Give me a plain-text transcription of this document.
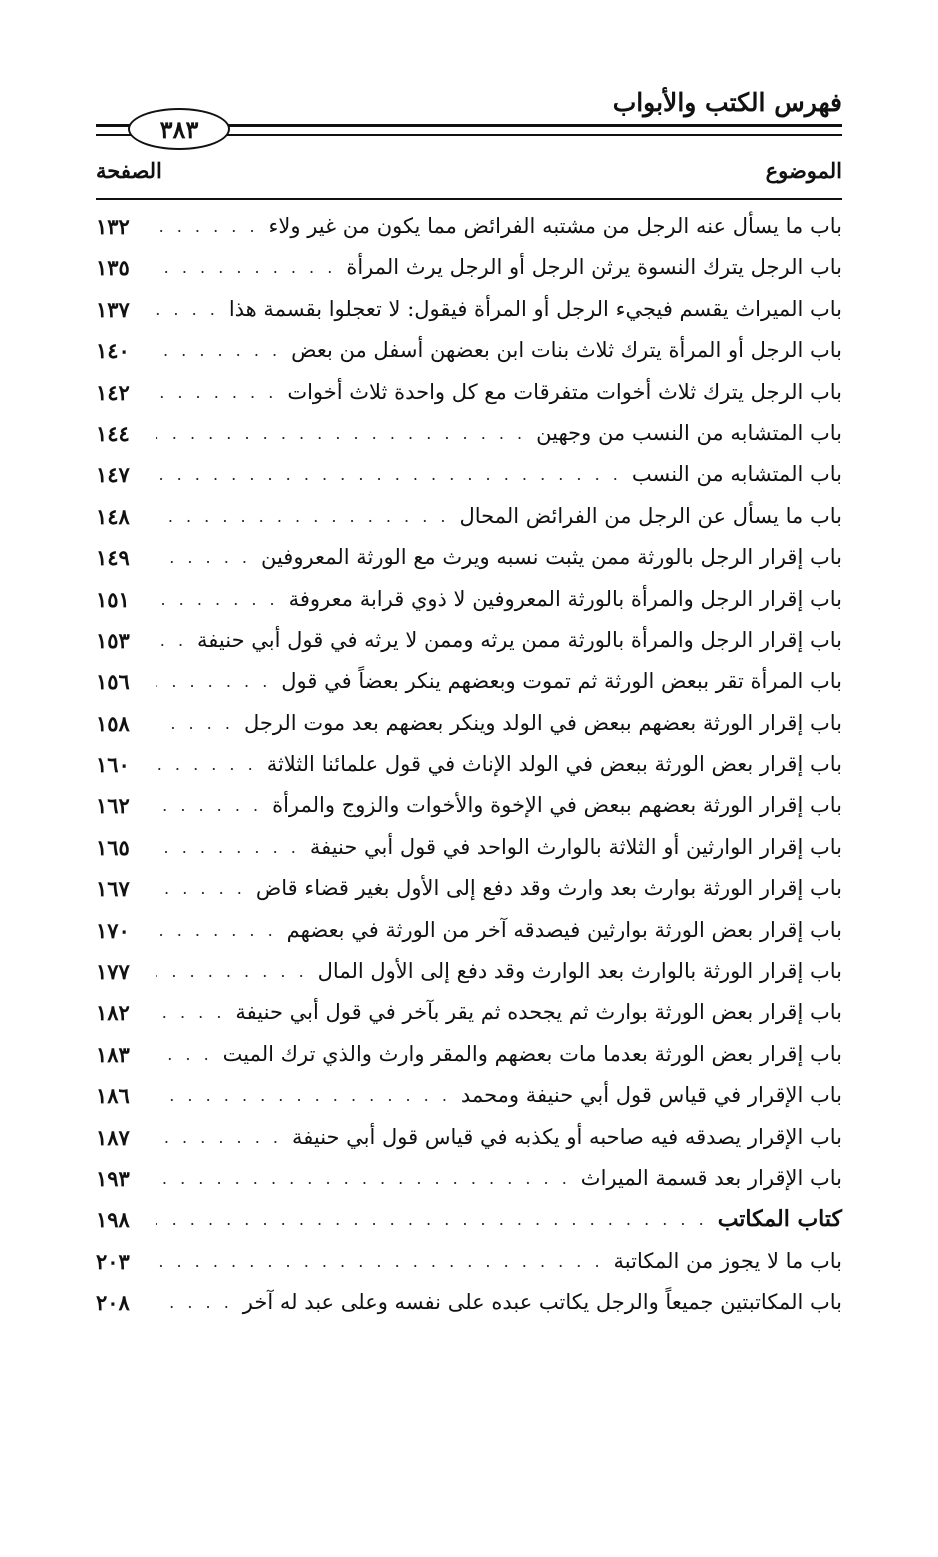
فهرس الكتب والأبواب
٣٨٣
الموضوع
الصفحة
باب ما يسأل عنه الرجل من مشتبه الفرائض مما يكون من غير ولاء
. . .
١٣٢
باب الرجل يترك النسوة يرثن الرجل أو الرجل يرث المرأة
. . .
١٣٥
باب الميراث يقسم فيجيء الرجل أو المرأة فيقول: لا تعجلوا بقسمة هذا
. . .
١٣٧
باب الرجل أو المرأة يترك ثلاث بنات ابن بعضهن أسفل من بعض
. . .
١٤٠
باب الرجل يترك ثلاث أخوات متفرقات مع كل واحدة ثلاث أخوات
. . .
١٤٢
باب المتشابه من النسب من وجهين
. . .
١٤٤
باب المتشابه من النسب
. . .
١٤٧
باب ما يسأل عن الرجل من الفرائض المحال
. . .
١٤٨
باب إقرار الرجل بالورثة ممن يثبت نسبه ويرث مع الورثة المعروفين
. . .
١٤٩
باب إقرار الرجل والمرأة بالورثة المعروفين لا ذوي قرابة معروفة
. . .
١٥١
باب إقرار الرجل والمرأة بالورثة ممن يرثه وممن لا يرثه في قول أبي حنيفة
. . .
١٥٣
باب المرأة تقر ببعض الورثة ثم تموت وبعضهم ينكر بعضاً في قول
. . .
١٥٦
باب إقرار الورثة بعضهم ببعض في الولد وينكر بعضهم بعد موت الرجل
. . .
١٥٨
باب إقرار بعض الورثة ببعض في الولد الإناث في قول علمائنا الثلاثة
. . .
١٦٠
باب إقرار الورثة بعضهم ببعض في الإخوة والأخوات والزوج والمرأة
. . .
١٦٢
باب إقرار الوارثين أو الثلاثة بالوارث الواحد في قول أبي حنيفة
. . .
١٦٥
باب إقرار الورثة بوارث بعد وارث وقد دفع إلى الأول بغير قضاء قاض
. . .
١٦٧
باب إقرار بعض الورثة بوارثين فيصدقه آخر من الورثة في بعضهم
. . .
١٧٠
باب إقرار الورثة بالوارث بعد الوارث وقد دفع إلى الأول المال
. . .
١٧٧
باب إقرار بعض الورثة بوارث ثم يجحده ثم يقر بآخر في قول أبي حنيفة
. . .
١٨٢
باب إقرار بعض الورثة بعدما مات بعضهم والمقر وارث والذي ترك الميت
. . .
١٨٣
باب الإقرار في قياس قول أبي حنيفة ومحمد
. . .
١٨٦
باب الإقرار يصدقه فيه صاحبه أو يكذبه في قياس قول أبي حنيفة
. . .
١٨٧
باب الإقرار بعد قسمة الميراث
. . .
١٩٣
كتاب المكاتب
. . .
١٩٨
باب ما لا يجوز من المكاتبة
. . .
٢٠٣
باب المكاتبتين جميعاً والرجل يكاتب عبده على نفسه وعلى عبد له آخر
. . .
٢٠٨
